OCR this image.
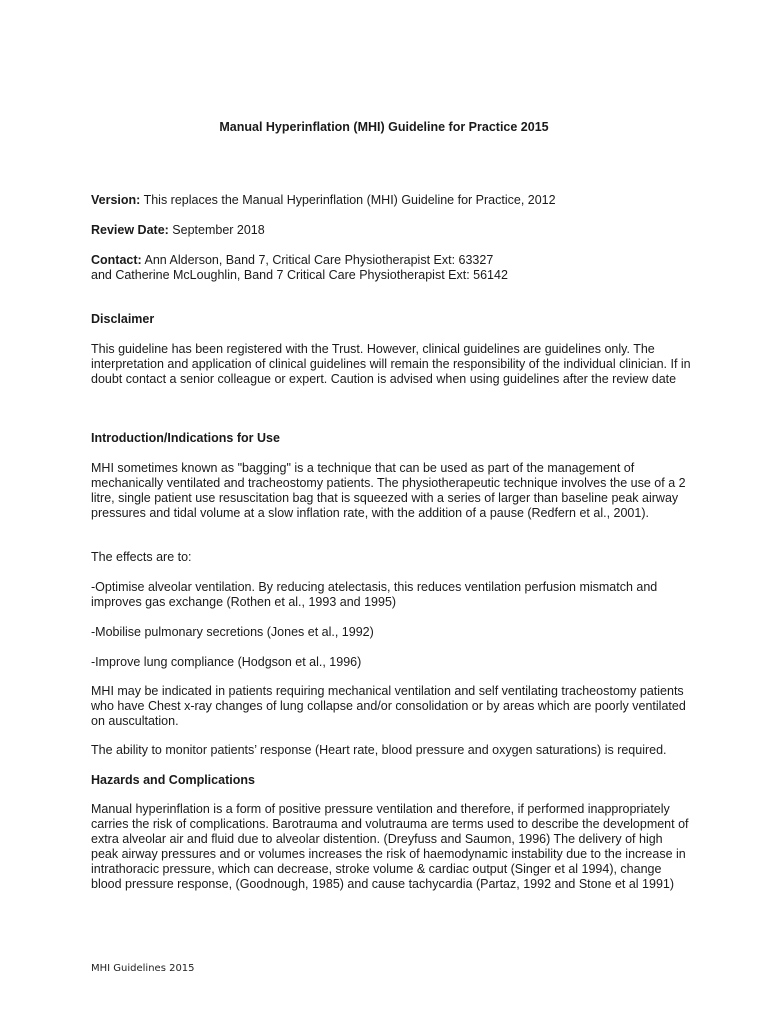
Manual Hyperinflation (MHI) Guideline for Practice 2015

Version: This replaces the Manual Hyperinflation (MHI) Guideline for Practice, 2012

Review Date: September 2018

Contact: Ann Alderson, Band 7, Critical Care Physiotherapist Ext: 63327
and Catherine McLoughlin, Band 7 Critical Care Physiotherapist Ext: 56142

Disclaimer

This guideline has been registered with the Trust. However, clinical guidelines are guidelines only. The interpretation and application of clinical guidelines will remain the responsibility of the individual clinician. If in doubt contact a senior colleague or expert. Caution is advised when using guidelines after the review date

Introduction/Indications for Use

MHI sometimes known as "bagging" is a technique that can be used as part of the management of mechanically ventilated and tracheostomy patients. The physiotherapeutic technique involves the use of a 2 litre, single patient use resuscitation bag that is squeezed with a series of larger than baseline peak airway pressures and tidal volume at a slow inflation rate, with the addition of a pause (Redfern et al., 2001).

The effects are to:

-Optimise alveolar ventilation. By reducing atelectasis, this reduces ventilation perfusion mismatch and improves gas exchange (Rothen et al., 1993 and 1995)

-Mobilise pulmonary secretions (Jones et al., 1992)

-Improve lung compliance (Hodgson et al., 1996)

MHI may be indicated in patients requiring mechanical ventilation and self ventilating tracheostomy patients who have Chest x-ray changes of lung collapse and/or consolidation or by areas which are poorly ventilated on auscultation.

The ability to monitor patients’ response (Heart rate, blood pressure and oxygen saturations) is required.

Hazards and Complications

Manual hyperinflation is a form of positive pressure ventilation and therefore, if performed inappropriately carries the risk of complications. Barotrauma and volutrauma are terms used to describe the development of extra alveolar air and fluid due to alveolar distention. (Dreyfuss and Saumon, 1996) The delivery of high peak airway pressures and or volumes increases the risk of haemodynamic instability due to the increase in intrathoracic pressure, which can decrease, stroke volume & cardiac output (Singer et al 1994), change blood pressure response, (Goodnough, 1985) and cause tachycardia (Partaz, 1992 and Stone et al 1991)

MHI Guidelines 2015
